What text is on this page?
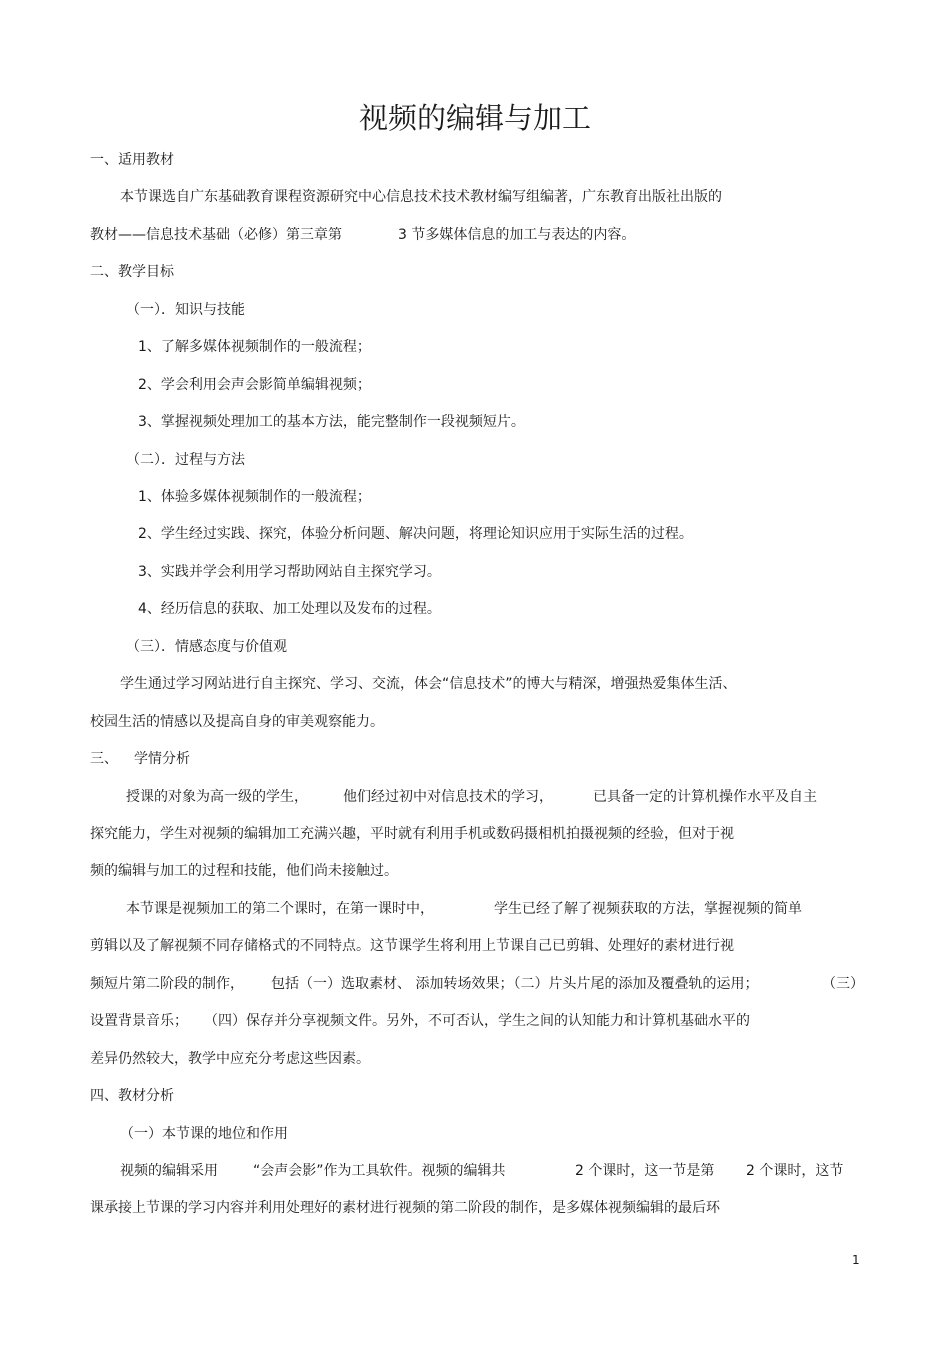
视频的编辑与加工
一、适用教材
本节课选自广东基础教育课程资源研究中心信息技术技术教材编写组编著，广东教育出版社出版的
教材——信息技术基础（必修）第三章第	3 节多媒体信息的加工与表达的内容。
二、教学目标
（一）．知识与技能
1、了解多媒体视频制作的一般流程；
2、学会利用会声会影简单编辑视频；
3、掌握视频处理加工的基本方法，能完整制作一段视频短片。
（二）．过程与方法
1、体验多媒体视频制作的一般流程；
2、学生经过实践、探究，体验分析问题、解决问题，将理论知识应用于实际生活的过程。
3、实践并学会利用学习帮助网站自主探究学习。
4、经历信息的获取、加工处理以及发布的过程。
（三）．情感态度与价值观
学生通过学习网站进行自主探究、学习、交流，体会“信息技术”的博大与精深，增强热爱集体生活、
校园生活的情感以及提高自身的审美观察能力。
三、 学情分析
授课的对象为高一级的学生，	他们经过初中对信息技术的学习，	已具备一定的计算机操作水平及自主
探究能力，学生对视频的编辑加工充满兴趣，平时就有利用手机或数码摄相机拍摄视频的经验，但对于视
频的编辑与加工的过程和技能，他们尚未接触过。
本节课是视频加工的第二个课时，在第一课时中，	学生已经了解了视频获取的方法，掌握视频的简单
剪辑以及了解视频不同存储格式的不同特点。这节课学生将利用上节课自己已剪辑、处理好的素材进行视
频短片第二阶段的制作， 包括（一）选取素材、 添加转场效果；（二）片头片尾的添加及覆叠轨的运用；	（三）
设置背景音乐； （四）保存并分享视频文件。另外，不可否认，学生之间的认知能力和计算机基础水平的
差异仍然较大，教学中应充分考虑这些因素。
四、教材分析
（一）本节课的地位和作用
视频的编辑采用	“会声会影”作为工具软件。视频的编辑共	2 个课时，这一节是第 2 个课时，这节
课承接上节课的学习内容并利用处理好的素材进行视频的第二阶段的制作，是多媒体视频编辑的最后环
1
